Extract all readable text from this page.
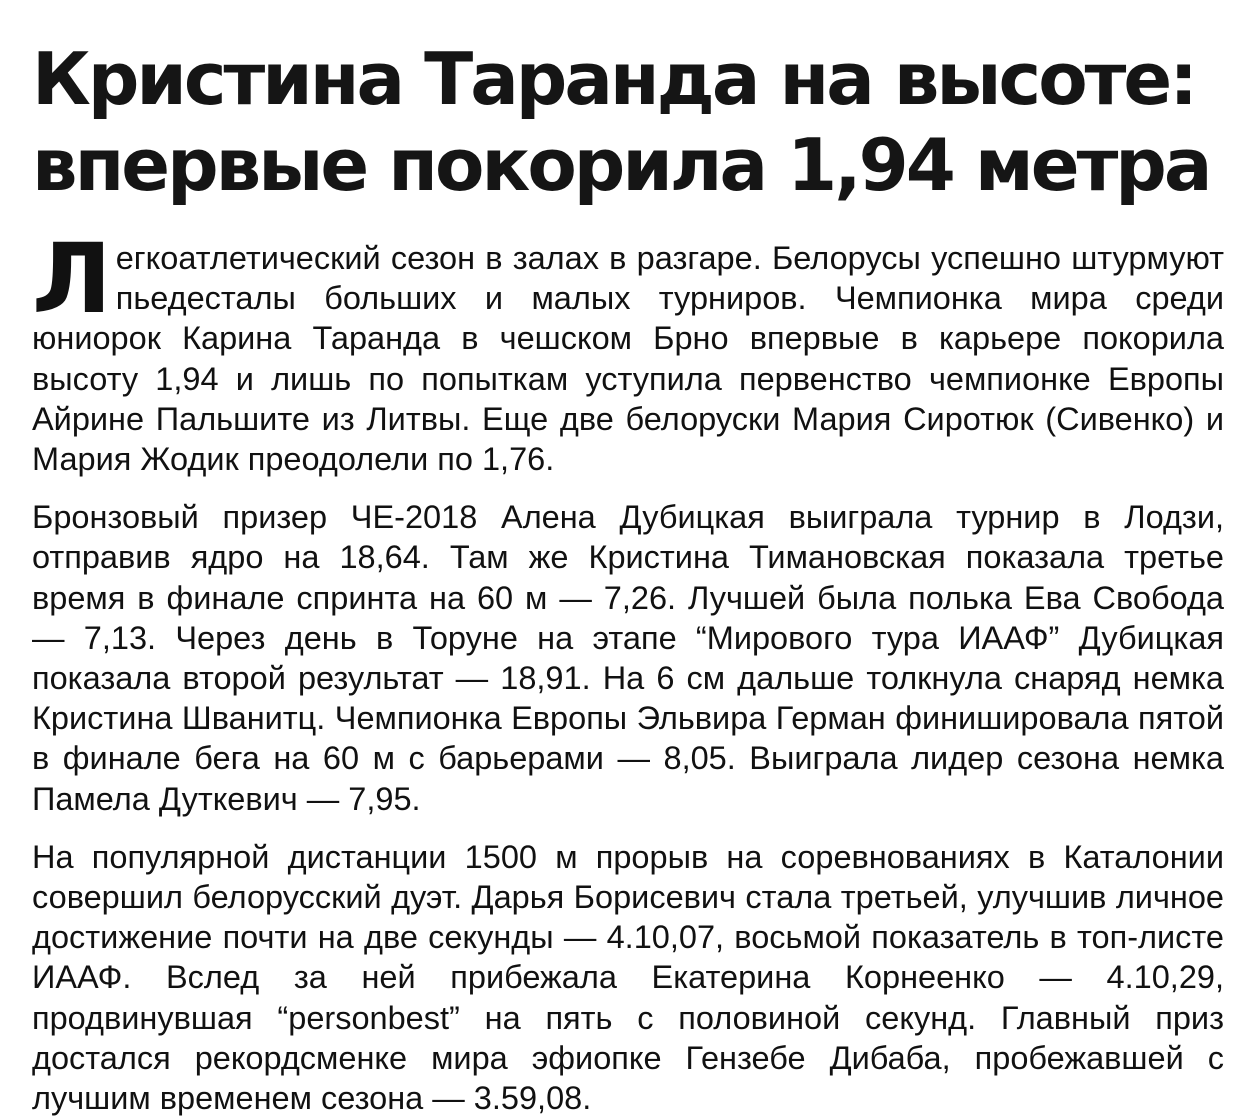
Кристина Таранда на высоте:
впервые покорила 1,94 метра

Легкоатлетический сезон в залах в разгаре. Белорусы успешно штурмуют пьедесталы больших и малых турниров. Чемпионка мира среди юниорок Карина Таранда в чешском Брно впервые в карьере покорила высоту 1,94 и лишь по попыткам уступила первенство чемпионке Европы Айрине Пальшите из Литвы. Еще две белоруски Мария Сиротюк (Сивенко) и Мария Жодик преодолели по 1,76.

Бронзовый призер ЧЕ-2018 Алена Дубицкая выиграла турнир в Лодзи, отправив ядро на 18,64. Там же Кристина Тимановская показала третье время в финале спринта на 60 м — 7,26. Лучшей была полька Ева Свобода — 7,13. Через день в Торуне на этапе “Мирового тура ИААФ” Дубицкая показала второй результат — 18,91. На 6 см дальше толкнула снаряд немка Кристина Шванитц. Чемпионка Европы Эльвира Герман финишировала пятой в финале бега на 60 м с барьерами — 8,05. Выиграла лидер сезона немка Памела Дуткевич — 7,95.

На популярной дистанции 1500 м прорыв на соревнованиях в Каталонии совершил белорусский дуэт. Дарья Борисевич стала третьей, улучшив личное достижение почти на две секунды — 4.10,07, восьмой показатель в топ-листе ИААФ. Вслед за ней прибежала Екатерина Корнеенко — 4.10,29, продвинувшая “personbest” на пять с половиной секунд. Главный приз достался рекордсменке мира эфиопке Гензебе Дибаба, пробежавшей с лучшим временем сезона — 3.59,08.
